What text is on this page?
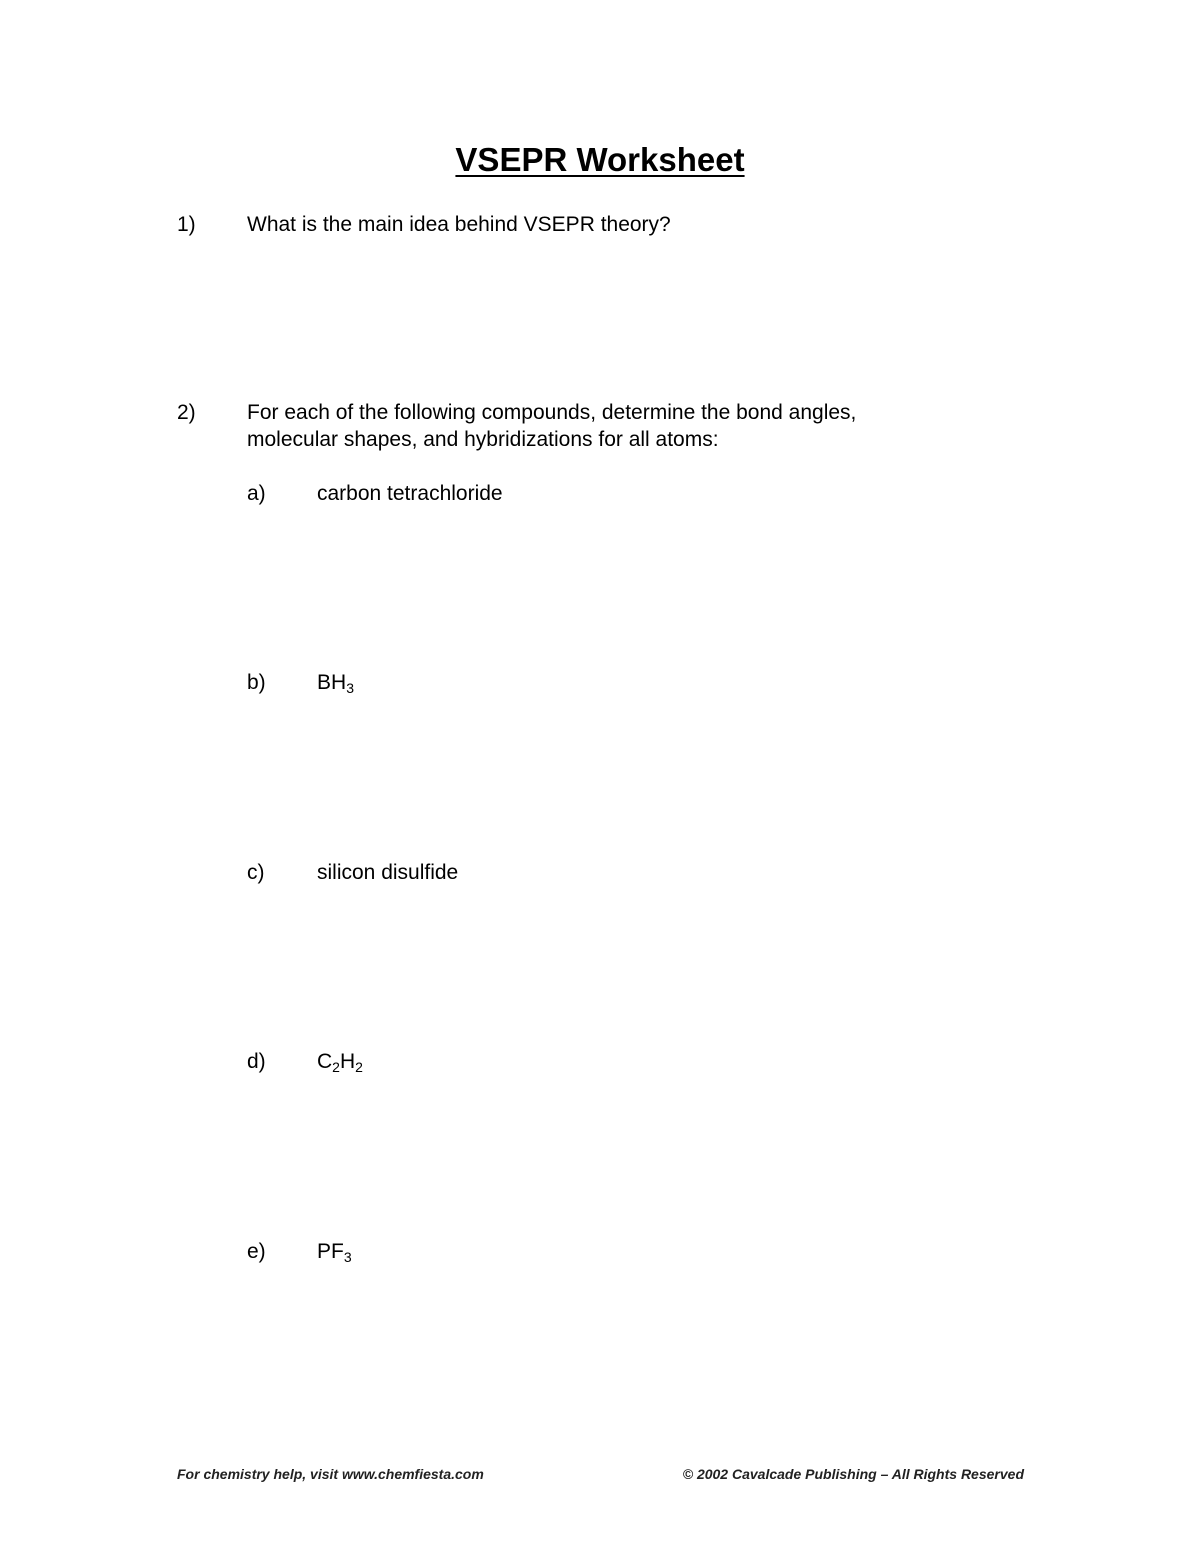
VSEPR Worksheet
1) What is the main idea behind VSEPR theory?
2) For each of the following compounds, determine the bond angles,
molecular shapes, and hybridizations for all atoms:
a) carbon tetrachloride
b) BH3
c)	silicon disulfide
d) C2H2
e) PF3
For chemistry help, visit www.chemfiesta.com	© 2002 Cavalcade Publishing – All Rights Reserved
